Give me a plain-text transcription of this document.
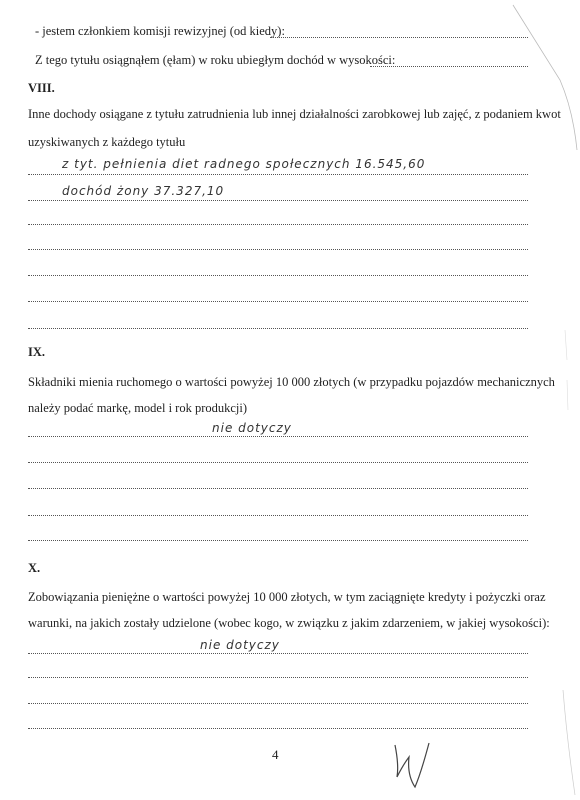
- jestem członkiem komisji rewizyjnej (od kiedy):
Z tego tytułu osiągnąłem (ęłam) w roku ubiegłym dochód w wysokości:
VIII.
Inne dochody osiągane z tytułu zatrudnienia lub innej działalności zarobkowej lub zajęć, z podaniem kwot
uzyskiwanych z każdego tytułu
z tyt. pełnienia diet radnego społecznych 16.545,60
dochód żony 37.327,10
IX.
Składniki mienia ruchomego o wartości powyżej 10 000 złotych (w przypadku pojazdów mechanicznych
należy podać markę, model i rok produkcji)
nie dotyczy
X.
Zobowiązania pieniężne o wartości powyżej 10 000 złotych, w tym zaciągnięte kredyty i pożyczki oraz
warunki, na jakich zostały udzielone (wobec kogo, w związku z jakim zdarzeniem, w jakiej wysokości):
nie dotyczy
4
